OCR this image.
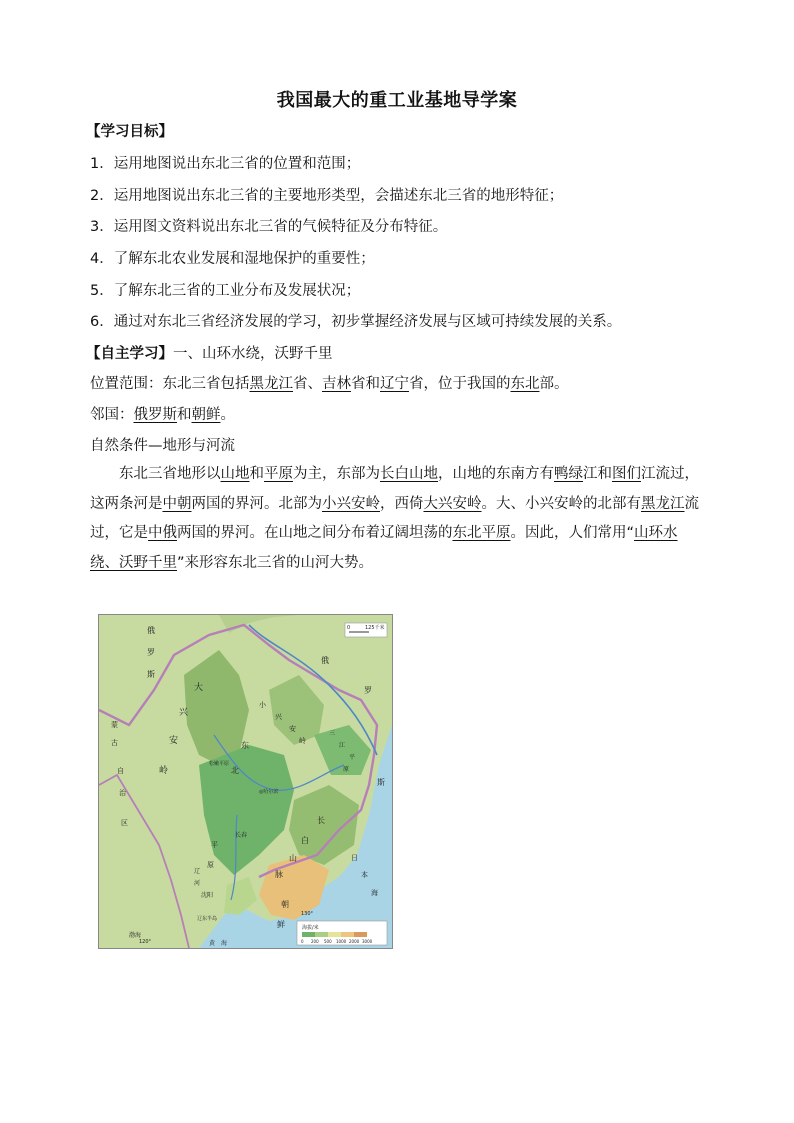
我国最大的重工业基地导学案
【学习目标】
1．运用地图说出东北三省的位置和范围；
2．运用地图说出东北三省的主要地形类型，会描述东北三省的地形特征；
3．运用图文资料说出东北三省的气候特征及分布特征。
4．了解东北农业发展和湿地保护的重要性；
5．了解东北三省的工业分布及发展状况；
6．通过对东北三省经济发展的学习，初步掌握经济发展与区域可持续发展的关系。
【自主学习】一、山环水绕，沃野千里
位置范围：东北三省包括黑龙江省、吉林省和辽宁省，位于我国的东北部。
邻国：俄罗斯和朝鲜。
自然条件—地形与河流
东北三省地形以山地和平原为主，东部为长白山地，山地的东南方有鸭绿江和图们江流过，这两条河是中朝两国的界河。北部为小兴安岭，西倚大兴安岭。大、小兴安岭的北部有黑龙江流过，它是中俄两国的界河。在山地之间分布着辽阔坦荡的东北平原。因此，人们常用“山环水绕、沃野千里”来形容东北三省的山河大势。
0	125千米
海拔/米
0 200 500 1000 2000 3000
俄
罗
斯
大
兴
安
岭
蒙
古
自
治
区
小
兴
安
岭
俄
罗
斯
东
北
平
原
松嫩平原
◎哈尔滨
三
江
平
原
长
白
山
脉
长春
辽
河
沈阳
朝
鲜
日
本
海
渤海
黄 海
辽东半岛
120°
130°
